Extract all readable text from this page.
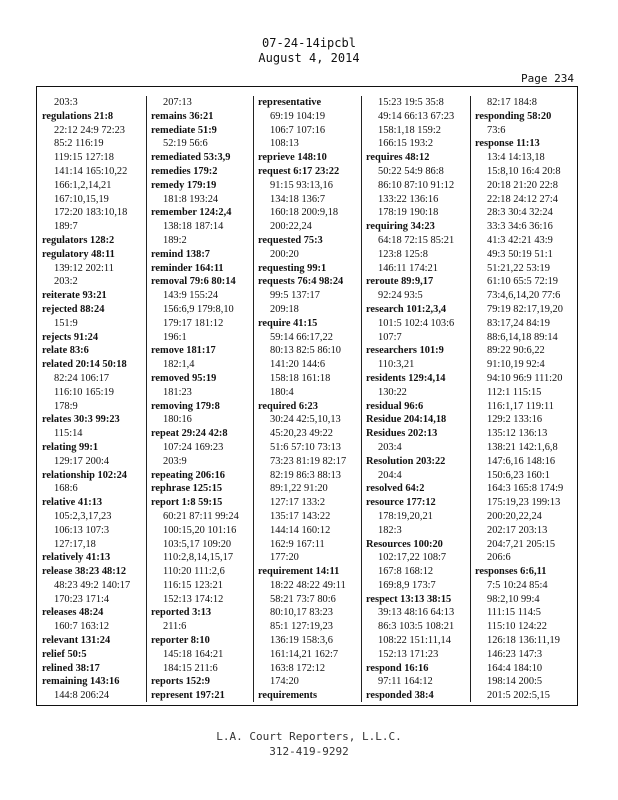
07-24-14ipcbl
August 4, 2014
Page 234
203:3
regulations 21:8
22:12 24:9 72:23
85:2 116:19
119:15 127:18
141:14 165:10,22
166:1,2,14,21
167:10,15,19
172:20 183:10,18
189:7
regulators 128:2
regulatory 48:11
139:12 202:11
203:2
reiterate 93:21
rejected 88:24
151:9
rejects 91:24
relate 83:6
related 20:14 50:18
82:24 106:17
116:10 165:19
178:9
relates 30:3 99:23
115:14
relating 99:1
129:17 200:4
relationship 102:24
168:6
relative 41:13
105:2,3,17,23
106:13 107:3
127:17,18
relatively 41:13
release 38:23 48:12
48:23 49:2 140:17
170:23 171:4
releases 48:24
160:7 163:12
relevant 131:24
relief 50:5
relined 38:17
remaining 143:16
144:8 206:24
207:13
remains 36:21
remediate 51:9
52:19 56:6
remediated 53:3,9
remedies 179:2
remedy 179:19
181:8 193:24
remember 124:2,4
138:18 187:14
189:2
remind 138:7
reminder 164:11
removal 79:6 80:14
143:9 155:24
156:6,9 179:8,10
179:17 181:12
196:1
remove 181:17
182:1,4
removed 95:19
181:23
removing 179:8
180:16
repeat 29:24 42:8
107:24 169:23
203:9
repeating 206:16
rephrase 125:15
report 1:8 59:15
60:21 87:11 99:24
100:15,20 101:16
103:5,17 109:20
110:2,8,14,15,17
110:20 111:2,6
116:15 123:21
152:13 174:12
reported 3:13
211:6
reporter 8:10
145:18 164:21
184:15 211:6
reports 152:9
represent 197:21
representative
69:19 104:19
106:7 107:16
108:13
reprieve 148:10
request 6:17 23:22
91:15 93:13,16
134:18 136:7
160:18 200:9,18
200:22,24
requested 75:3
200:20
requesting 99:1
requests 76:4 98:24
99:5 137:17
209:18
require 41:15
59:14 66:17,22
80:13 82:5 86:10
141:20 144:6
158:18 161:18
180:4
required 6:23
30:24 42:5,10,13
45:20,23 49:22
51:6 57:10 73:13
73:23 81:19 82:17
82:19 86:3 88:13
89:1,22 91:20
127:17 133:2
135:17 143:22
144:14 160:12
162:9 167:11
177:20
requirement 14:11
18:22 48:22 49:11
58:21 73:7 80:6
80:10,17 83:23
85:1 127:19,23
136:19 158:3,6
161:14,21 162:7
163:8 172:12
174:20
requirements
15:23 19:5 35:8
49:14 66:13 67:23
158:1,18 159:2
166:15 193:2
requires 48:12
50:22 54:9 86:8
86:10 87:10 91:12
133:22 136:16
178:19 190:18
requiring 34:23
64:18 72:15 85:21
123:8 125:8
146:11 174:21
reroute 89:9,17
92:24 93:5
research 101:2,3,4
101:5 102:4 103:6
107:7
researchers 101:9
110:3,21
residents 129:4,14
130:22
residual 96:6
Residue 204:14,18
Residues 202:13
203:4
Resolution 203:22
204:4
resolved 64:2
resource 177:12
178:19,20,21
182:3
Resources 100:20
102:17,22 108:7
167:8 168:12
169:8,9 173:7
respect 13:13 38:15
39:13 48:16 64:13
86:3 103:5 108:21
108:22 151:11,14
152:13 171:23
respond 16:16
97:11 164:12
responded 38:4
82:17 184:8
responding 58:20
73:6
response 11:13
13:4 14:13,18
15:8,10 16:4 20:8
20:18 21:20 22:8
22:18 24:12 27:4
28:3 30:4 32:24
33:3 34:6 36:16
41:3 42:21 43:9
49:3 50:19 51:1
51:21,22 53:19
61:10 65:5 72:19
73:4,6,14,20 77:6
79:19 82:17,19,20
83:17,24 84:19
88:6,14,18 89:14
89:22 90:6,22
91:10,19 92:4
94:10 96:9 111:20
112:1 115:15
116:1,17 119:11
129:2 133:16
135:12 136:13
138:21 142:1,6,8
147:6,16 148:16
150:6,23 160:1
164:3 165:8 174:9
175:19,23 199:13
200:20,22,24
202:17 203:13
204:7,21 205:15
206:6
responses 6:6,11
7:5 10:24 85:4
98:2,10 99:4
111:15 114:5
115:10 124:22
126:18 136:11,19
146:23 147:3
164:4 184:10
198:14 200:5
201:5 202:5,15
L.A. Court Reporters, L.L.C.
312-419-9292
